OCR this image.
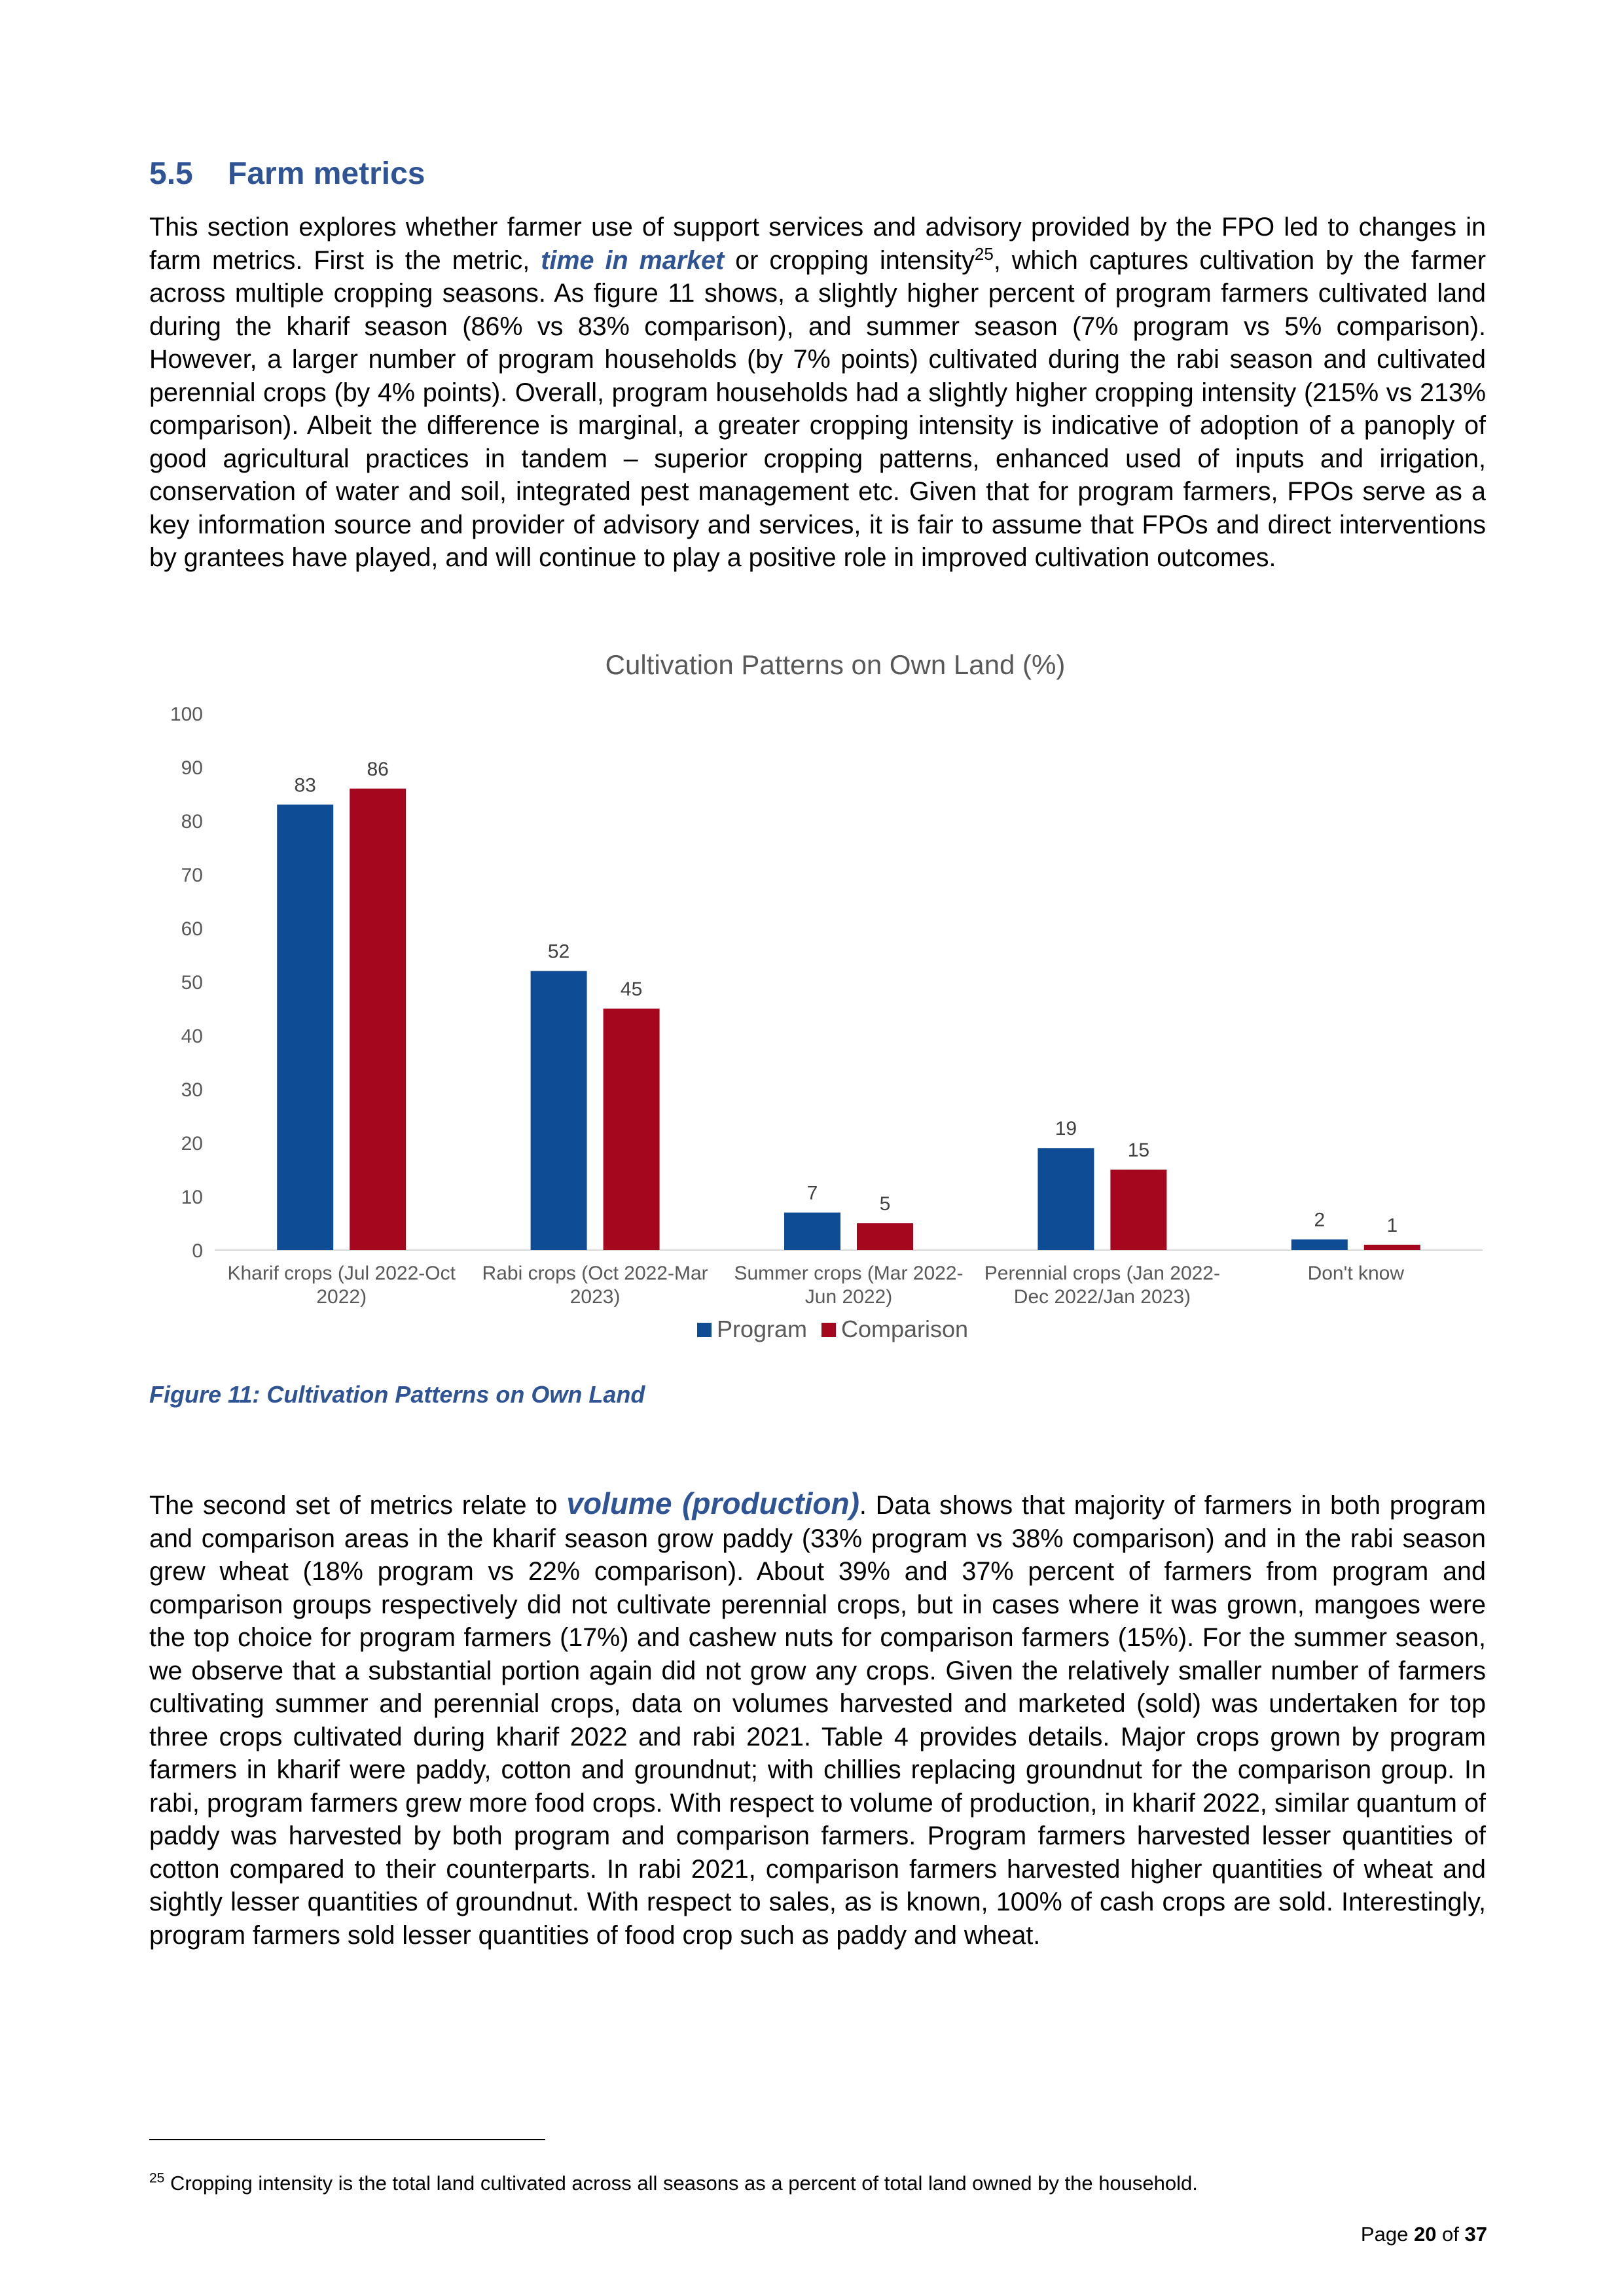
5.5 Farm metrics
This section explores whether farmer use of support services and advisory provided by the FPO led to changes in farm metrics. First is the metric, time in market or cropping intensity$^{25}$, which captures cultivation by the farmer across multiple cropping seasons. As figure 11 shows, a slightly higher percent of program farmers cultivated land during the kharif season (86% vs 83% comparison), and summer season (7% program vs 5% comparison). However, a larger number of program households (by 7% points) cultivated during the rabi season and cultivated perennial crops (by 4% points). Overall, program households had a slightly higher cropping intensity (215% vs 213% comparison). Albeit the difference is marginal, a greater cropping intensity is indicative of adoption of a panoply of good agricultural practices in tandem – superior cropping patterns, enhanced used of inputs and irrigation, conservation of water and soil, integrated pest management etc. Given that for program farmers, FPOs serve as a key information source and provider of advisory and services, it is fair to assume that FPOs and direct interventions by grantees have played, and will continue to play a positive role in improved cultivation outcomes.
Cultivation Patterns on Own Land (%)
0
10
20
30
40
50
60
70
80
90
100
83
86
52
45
7	5
19
15
2	1
Kharif crops (Jul 2022-Oct 2022)
Rabi crops (Oct 2022-Mar 2023)
Summer crops (Mar 2022-Jun 2022)
Perennial crops (Jan 2022-Dec 2022/Jan 2023)
Don't know
Program Comparison
Figure 11: Cultivation Patterns on Own Land
The second set of metrics relate to volume (production). Data shows that majority of farmers in both program and comparison areas in the kharif season grow paddy (33% program vs 38% comparison) and in the rabi season grew wheat (18% program vs 22% comparison). About 39% and 37% percent of farmers from program and comparison groups respectively did not cultivate perennial crops, but in cases where it was grown, mangoes were the top choice for program farmers (17%) and cashew nuts for comparison farmers (15%). For the summer season, we observe that a substantial portion again did not grow any crops. Given the relatively smaller number of farmers cultivating summer and perennial crops, data on volumes harvested and marketed (sold) was undertaken for top three crops cultivated during kharif 2022 and rabi 2021. Table 4 provides details. Major crops grown by program farmers in kharif were paddy, cotton and groundnut; with chillies replacing groundnut for the comparison group. In rabi, program farmers grew more food crops. With respect to volume of production, in kharif 2022, similar quantum of paddy was harvested by both program and comparison farmers. Program farmers harvested lesser quantities of cotton compared to their counterparts. In rabi 2021, comparison farmers harvested higher quantities of wheat and sightly lesser quantities of groundnut. With respect to sales, as is known, 100% of cash crops are sold. Interestingly, program farmers sold lesser quantities of food crop such as paddy and wheat.
$^{25}$ Cropping intensity is the total land cultivated across all seasons as a percent of total land owned by the household.
Page 20 of 37
